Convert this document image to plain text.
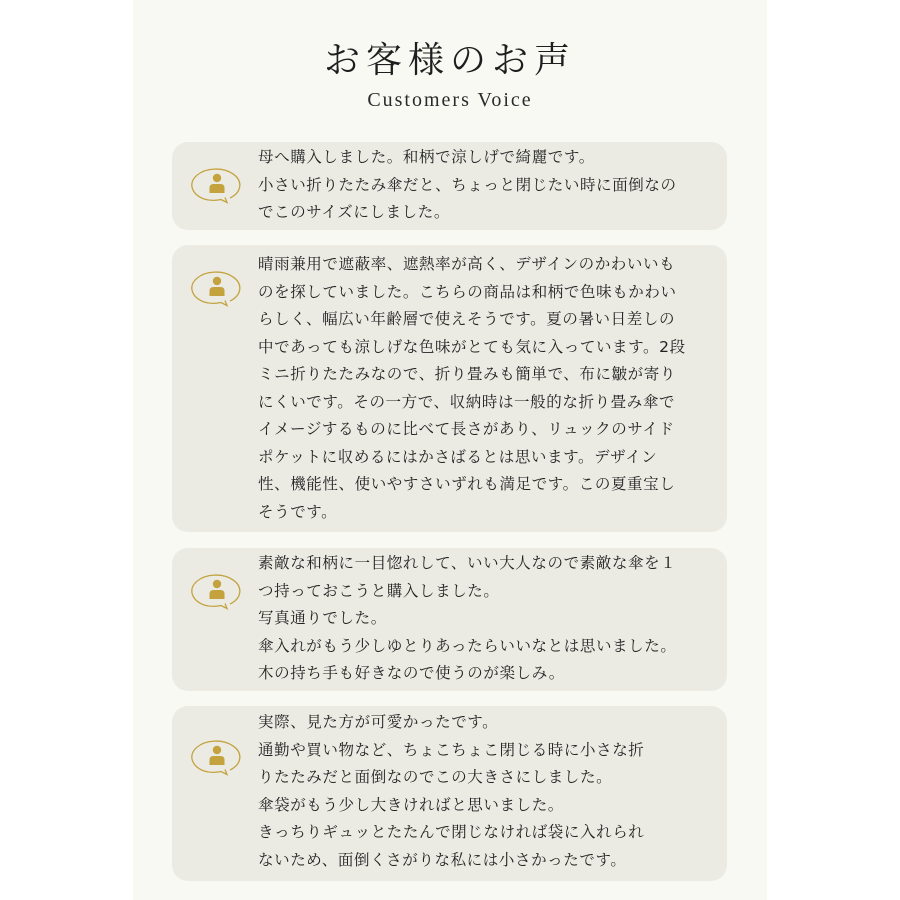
お客様のお声
Customers Voice
母へ購入しました。和柄で涼しげで綺麗です。
小さい折りたたみ傘だと、ちょっと閉じたい時に面倒なの
でこのサイズにしました。
晴雨兼用で遮蔽率、遮熱率が高く、デザインのかわいいも
のを探していました。こちらの商品は和柄で色味もかわい
らしく、幅広い年齢層で使えそうです。夏の暑い日差しの
中であっても涼しげな色味がとても気に入っています。2段
ミニ折りたたみなので、折り畳みも簡単で、布に皺が寄り
にくいです。その一方で、収納時は一般的な折り畳み傘で
イメージするものに比べて長さがあり、リュックのサイド
ポケットに収めるにはかさばるとは思います。デザイン
性、機能性、使いやすさいずれも満足です。この夏重宝し
そうです。
素敵な和柄に一目惚れして、いい大人なので素敵な傘を１
つ持っておこうと購入しました。
写真通りでした。
傘入れがもう少しゆとりあったらいいなとは思いました。
木の持ち手も好きなので使うのが楽しみ。
実際、見た方が可愛かったです。
通勤や買い物など、ちょこちょこ閉じる時に小さな折
りたたみだと面倒なのでこの大きさにしました。
傘袋がもう少し大きければと思いました。
きっちりギュッとたたんで閉じなければ袋に入れられ
ないため、面倒くさがりな私には小さかったです。
